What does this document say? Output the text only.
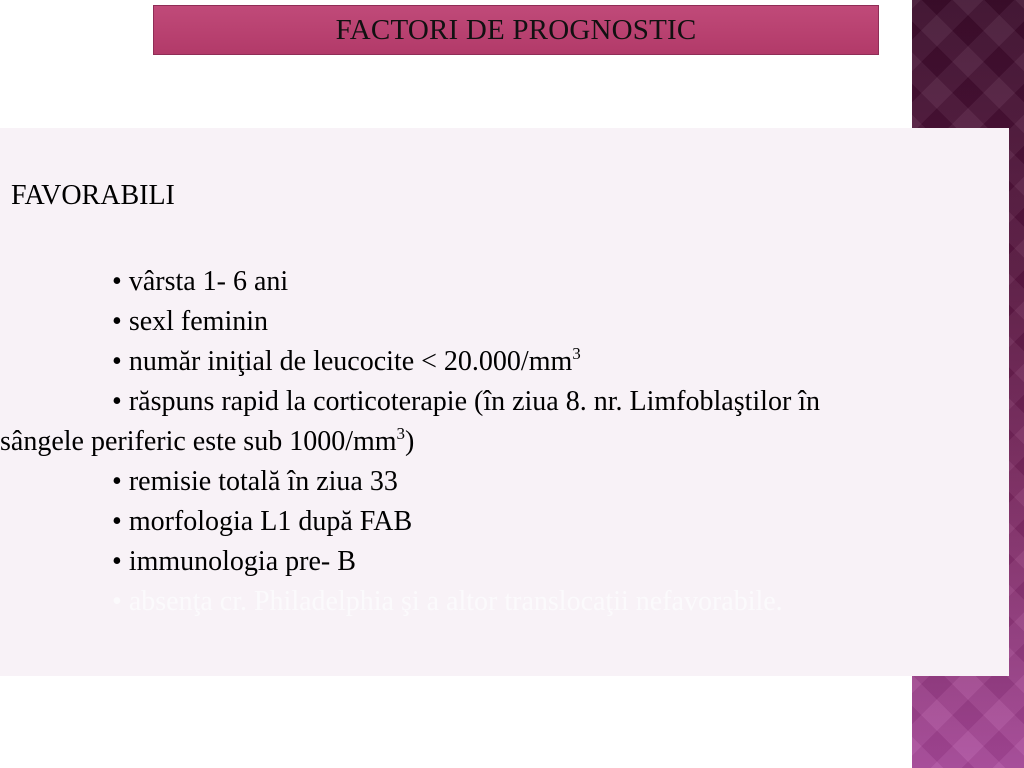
FACTORI DE PROGNOSTIC
FAVORABILI
• vârsta 1- 6 ani
• sexl feminin
• număr iniţial de leucocite < $20.000/mm^3$
• răspuns rapid la corticoterapie (în ziua 8. nr. Limfoblaştilor în
sângele periferic este sub $1000/mm^3$)
• remisie totală în ziua 33
• morfologia L1 după FAB
• immunologia pre- B
• absenţa cr. Philadelphia şi a altor translocaţii nefavorabile.
